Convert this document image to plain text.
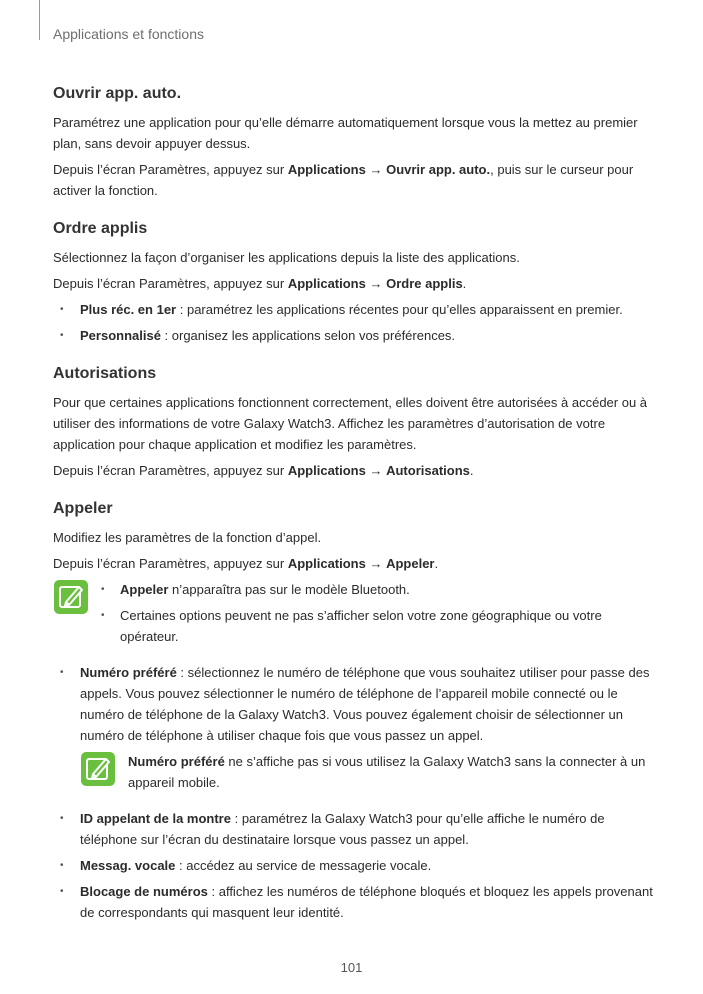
Applications et fonctions
Ouvrir app. auto.

Paramétrez une application pour qu’elle démarre automatiquement lorsque vous la mettez au premier plan, sans devoir appuyer dessus.

Depuis l’écran Paramètres, appuyez sur Applications → Ouvrir app. auto., puis sur le curseur pour activer la fonction.

Ordre applis

Sélectionnez la façon d’organiser les applications depuis la liste des applications.

Depuis l’écran Paramètres, appuyez sur Applications → Ordre applis.

• Plus réc. en 1er : paramétrez les applications récentes pour qu’elles apparaissent en premier.
• Personnalisé : organisez les applications selon vos préférences.
Autorisations

Pour que certaines applications fonctionnent correctement, elles doivent être autorisées à accéder ou à utiliser des informations de votre Galaxy Watch3. Affichez les paramètres d’autorisation de votre application pour chaque application et modifiez les paramètres.

Depuis l’écran Paramètres, appuyez sur Applications → Autorisations.

Appeler

Modifiez les paramètres de la fonction d’appel.

Depuis l’écran Paramètres, appuyez sur Applications → Appeler.

• Appeler n’apparaîtra pas sur le modèle Bluetooth.
• Certaines options peuvent ne pas s’afficher selon votre zone géographique ou votre opérateur.
• Numéro préféré : sélectionnez le numéro de téléphone que vous souhaitez utiliser pour passe des appels. Vous pouvez sélectionner le numéro de téléphone de l’appareil mobile connecté ou le numéro de téléphone de la Galaxy Watch3. Vous pouvez également choisir de sélectionner un numéro de téléphone à utiliser chaque fois que vous passez un appel.

Numéro préféré ne s’affiche pas si vous utilisez la Galaxy Watch3 sans la connecter à un appareil mobile.

• ID appelant de la montre : paramétrez la Galaxy Watch3 pour qu’elle affiche le numéro de téléphone sur l’écran du destinataire lorsque vous passez un appel.
• Messag. vocale : accédez au service de messagerie vocale.
• Blocage de numéros : affichez les numéros de téléphone bloqués et bloquez les appels provenant de correspondants qui masquent leur identité.
101
